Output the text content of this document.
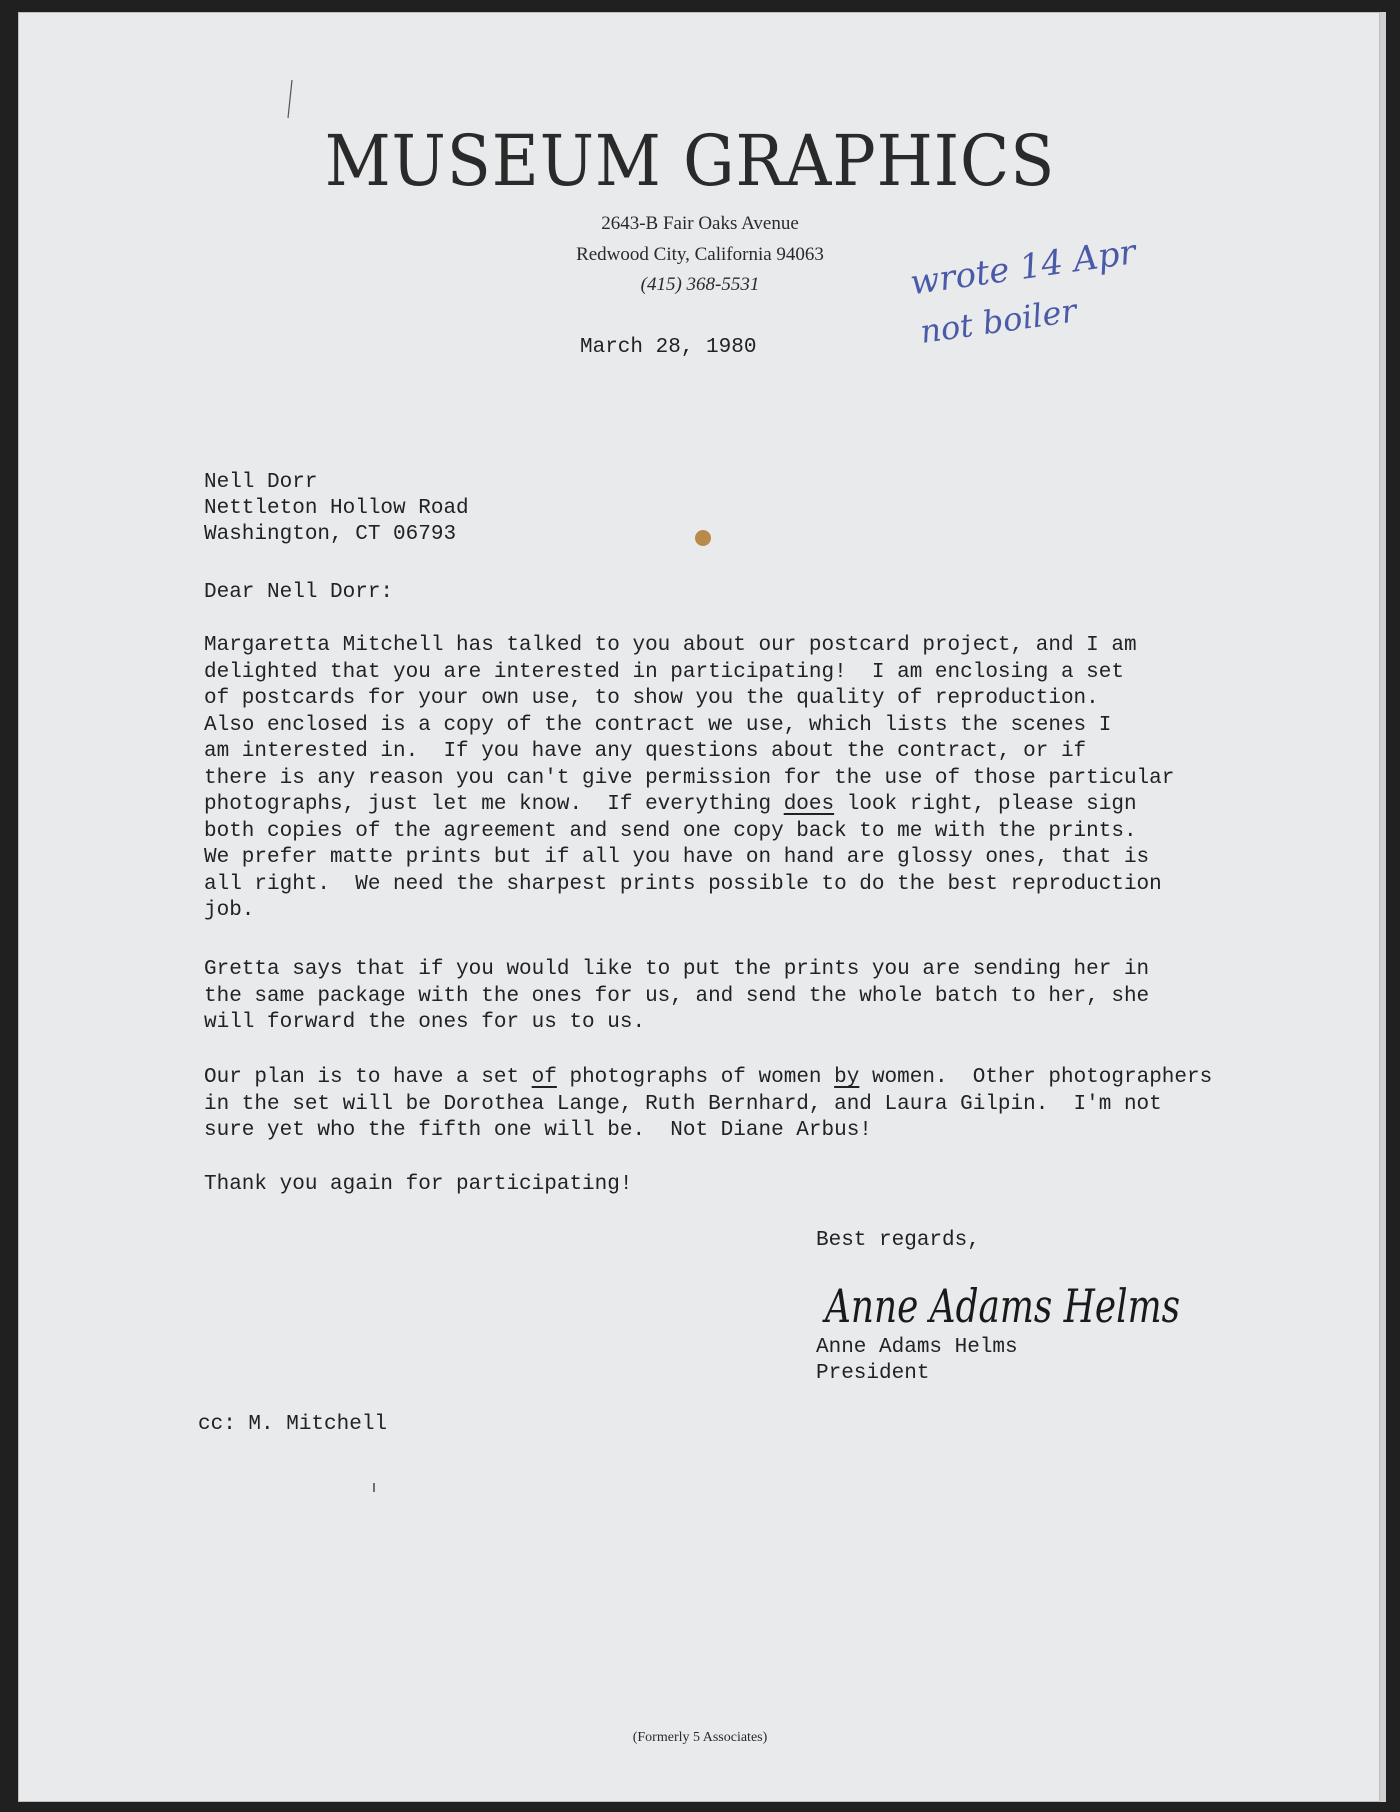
MUSEUM GRAPHICS
2643-B Fair Oaks Avenue
Redwood City, California 94063
(415) 368-5531	wrote 14 Apr
not boiler
March 28, 1980
Nell Dorr
Nettleton Hollow Road
Washington, CT 06793
Dear Nell Dorr:
Margaretta Mitchell has talked to you about our postcard project, and I am
delighted that you are interested in participating!  I am enclosing a set
of postcards for your own use, to show you the quality of reproduction.
Also enclosed is a copy of the contract we use, which lists the scenes I
am interested in.  If you have any questions about the contract, or if
there is any reason you can't give permission for the use of those particular
photographs, just let me know.  If everything does look right, please sign
both copies of the agreement and send one copy back to me with the prints.
We prefer matte prints but if all you have on hand are glossy ones, that is
all right.  We need the sharpest prints possible to do the best reproduction
job.
Gretta says that if you would like to put the prints you are sending her in
the same package with the ones for us, and send the whole batch to her, she
will forward the ones for us to us.
Our plan is to have a set of photographs of women by women.  Other photographers
in the set will be Dorothea Lange, Ruth Bernhard, and Laura Gilpin.  I'm not
sure yet who the fifth one will be.  Not Diane Arbus!
Thank you again for participating!
Best regards,
Anne Adams Helms
Anne Adams Helms
President
cc: M. Mitchell
(Formerly 5 Associates)
